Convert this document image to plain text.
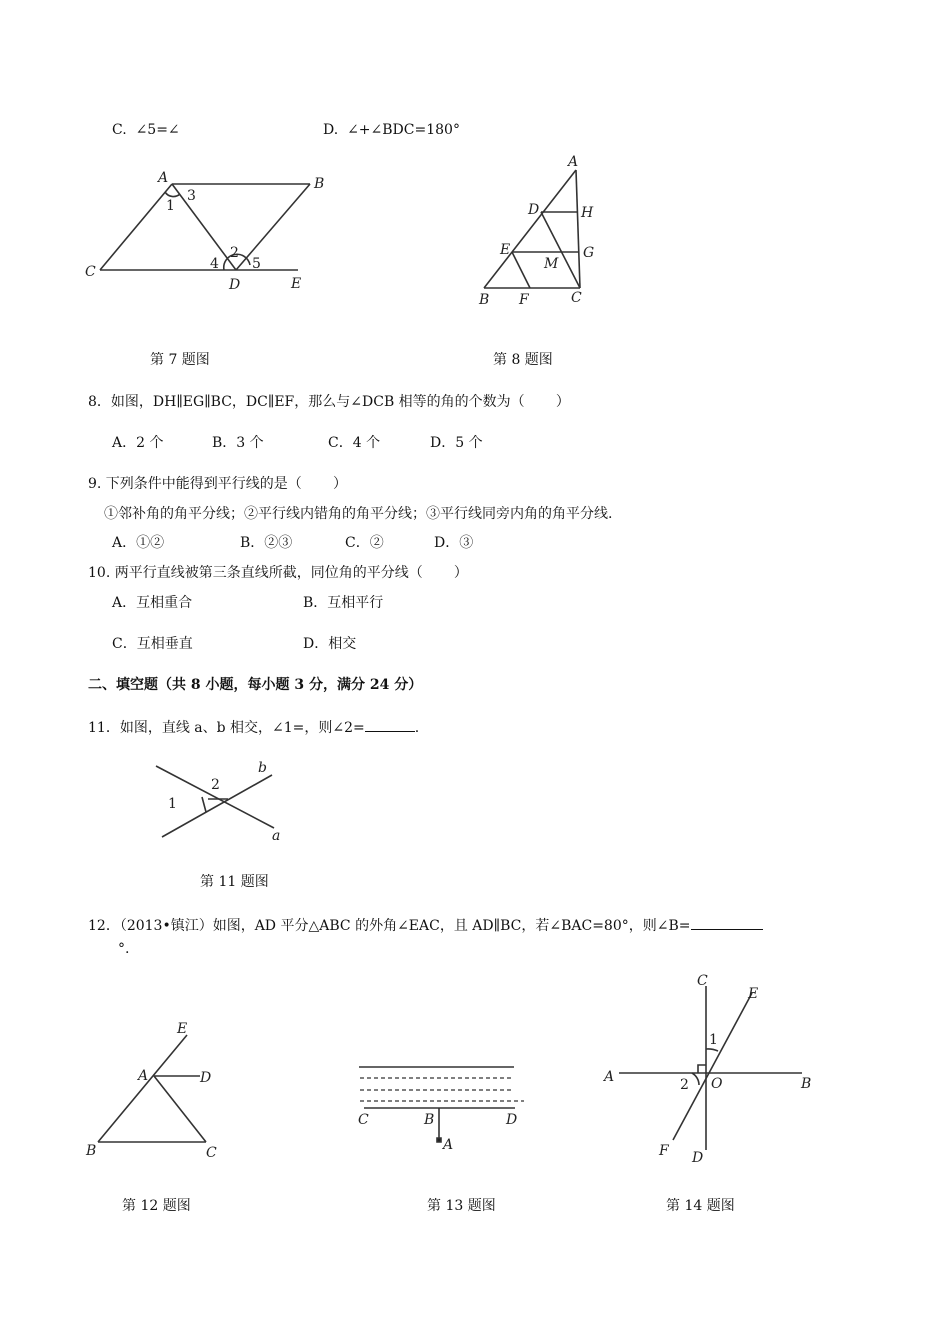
C.  ∠5=∠	D.  ∠+∠BDC=180°
A	B
C
D	E
1
3
2
4 5
第 7 题图
A
D	H
E	G
M
B F	C
第 8 题图
8．如图，DH∥EG∥BC，DC∥EF，那么与∠DCB 相等的角的个数为（       ）
A．2 个	B．3 个	C．4 个	D．5 个
9. 下列条件中能得到平行线的是（       ）
①邻补角的角平分线；②平行线内错角的角平分线；③平行线同旁内角的角平分线.
A．①②	B．②③	C．②	D．③
10. 两平行直线被第三条直线所截，同位角的平分线（       ）
A．互相重合	B．互相平行
C．互相垂直	D．相交
二、填空题（共 8 小题，每小题 3 分，满分 24 分）
11．如图，直线 a、b 相交，∠1=，则∠2=	.
1
2
b
a
第 11 题图
12．（2013•镇江）如图，AD 平分△ABC 的外角∠EAC，且 AD∥BC，若∠BAC=80°，则∠B=
°.
A
B	C
D
E
第 12 题图
C	B	D
A
第 13 题图
C
E
1
A	2 O	B
F D
第 14 题图
